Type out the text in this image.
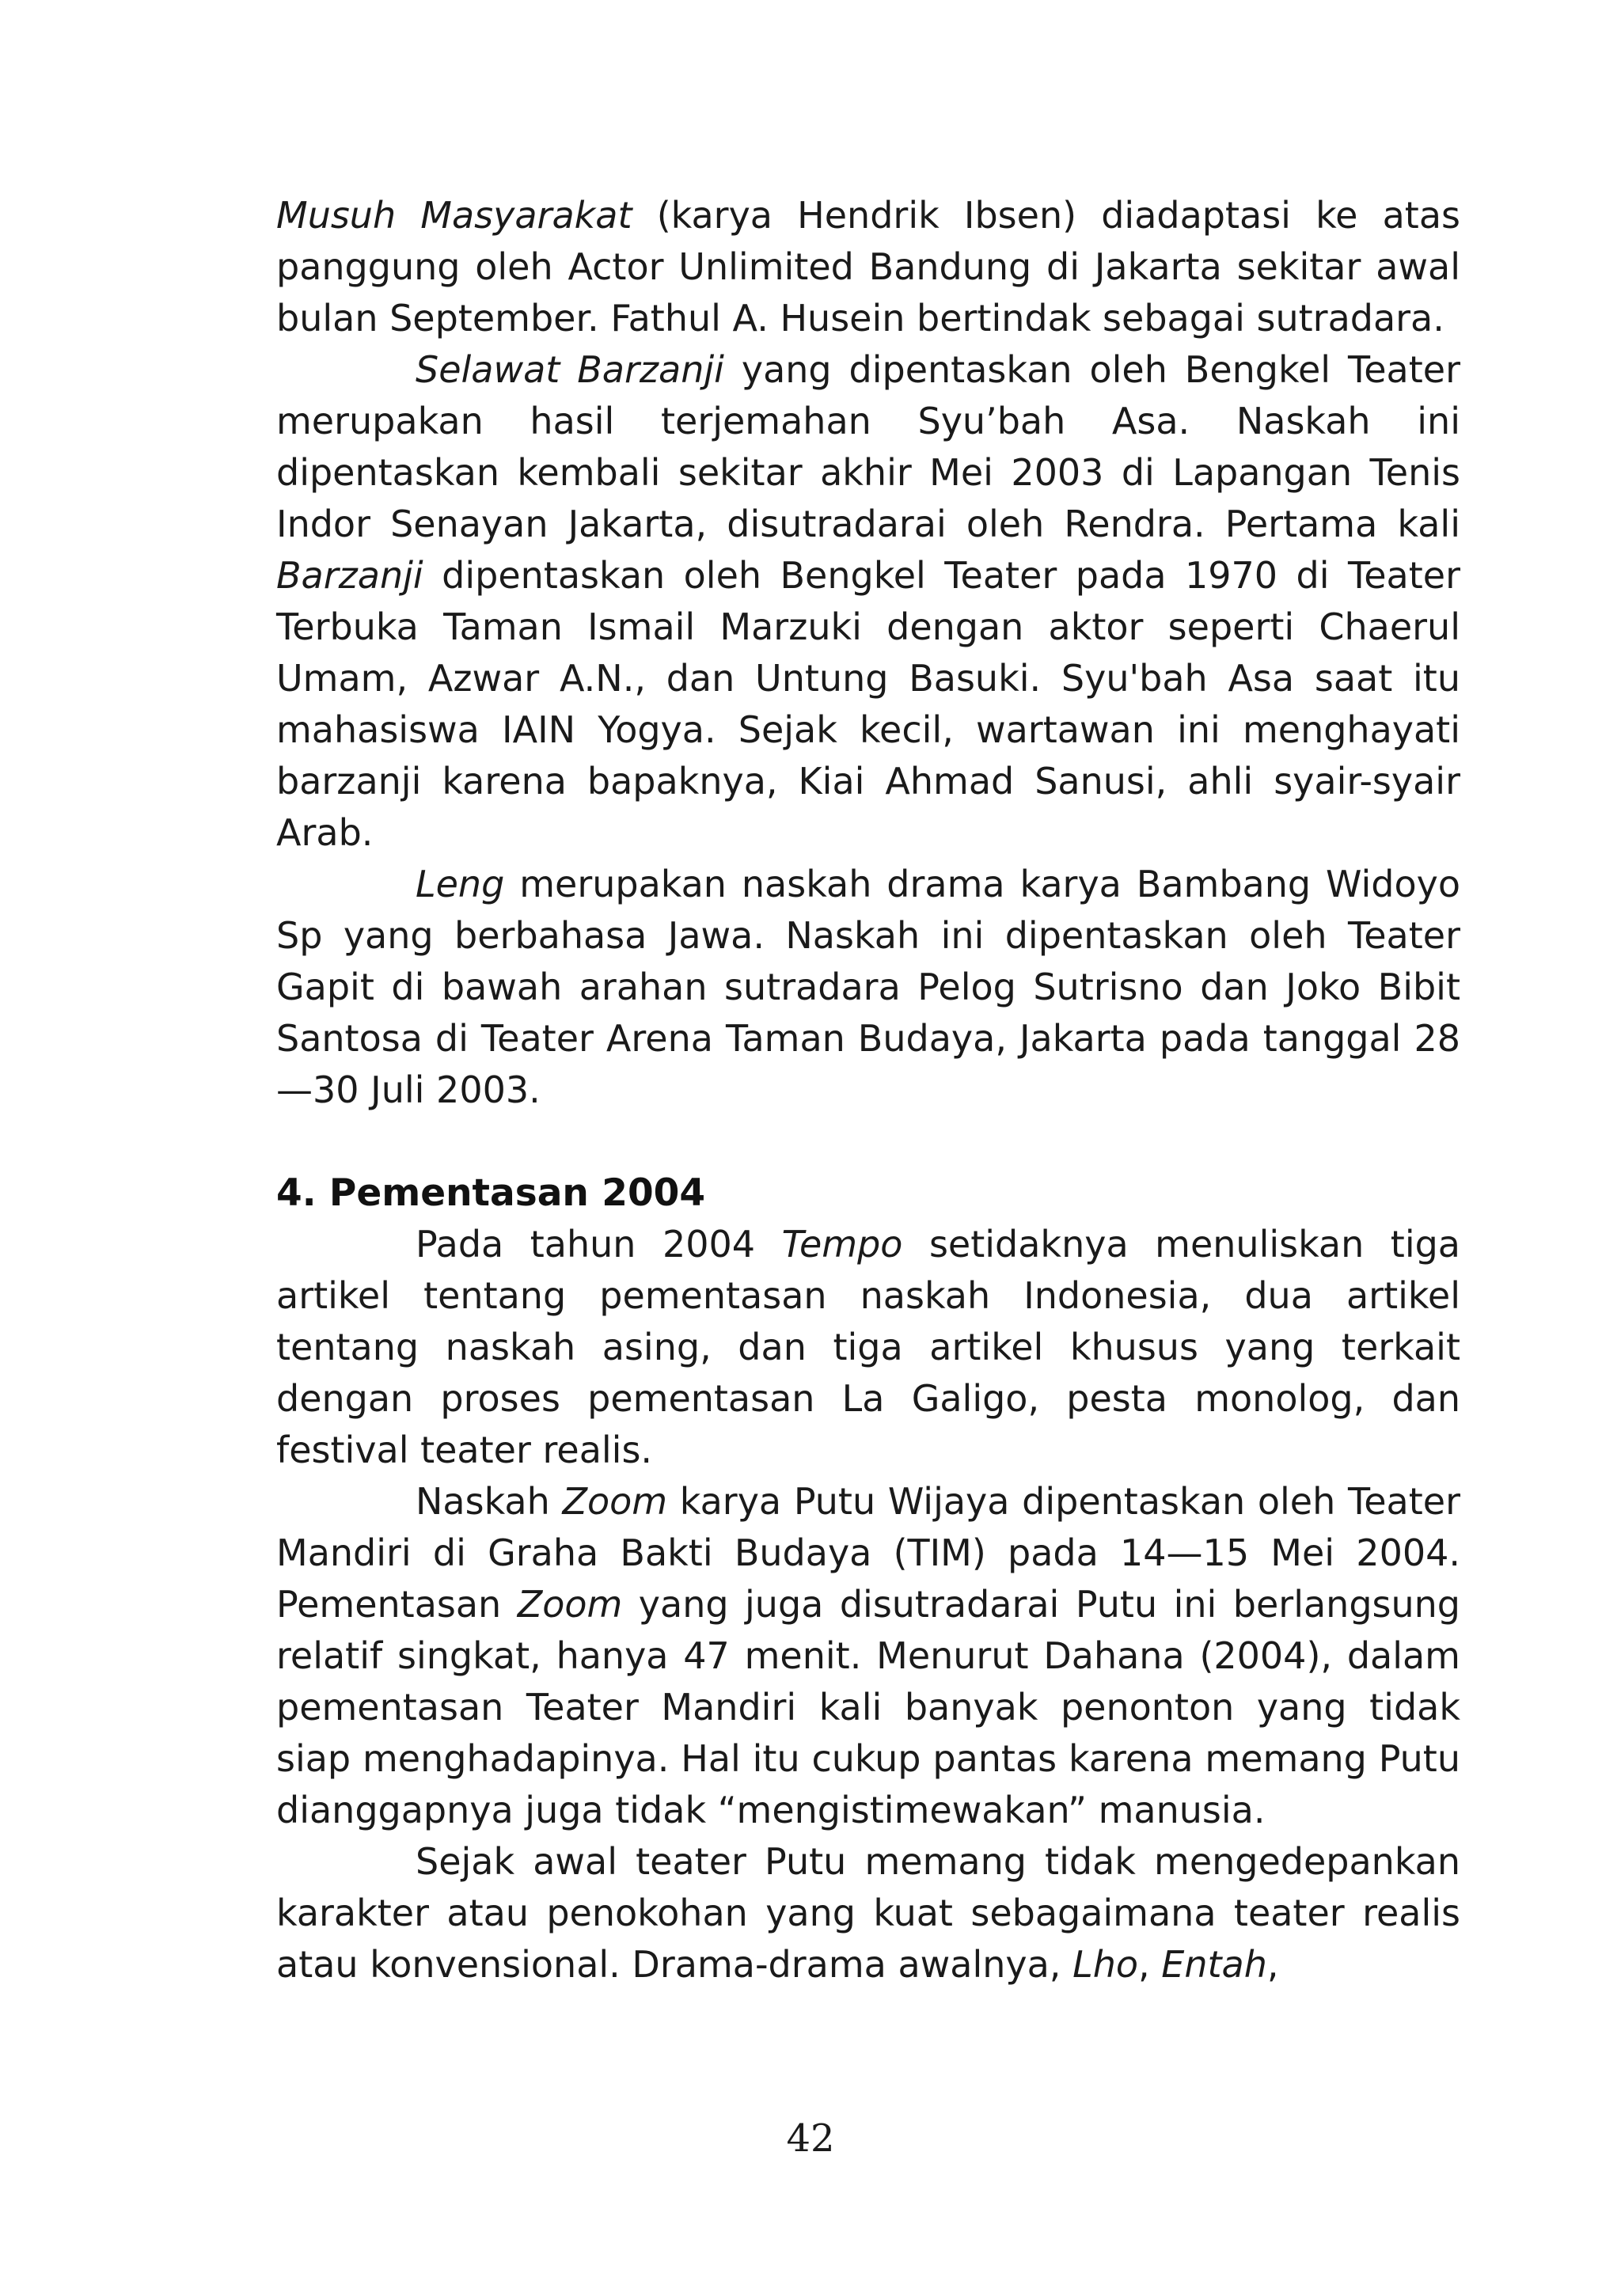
Musuh Masyarakat (karya Hendrik Ibsen) diadaptasi ke atas panggung oleh Actor Unlimited Bandung di Jakarta sekitar awal bulan September. Fathul A. Husein bertindak sebagai sutradara.

Selawat Barzanji yang dipentaskan oleh Bengkel Teater merupakan hasil terjemahan Syu’bah Asa. Naskah ini dipentaskan kembali sekitar akhir Mei 2003 di Lapangan Tenis Indor Senayan Jakarta, disutradarai oleh Rendra. Pertama kali Barzanji dipentaskan oleh Bengkel Teater pada 1970 di Teater Terbuka Taman Ismail Marzuki dengan aktor seperti Chaerul Umam, Azwar A.N., dan Untung Basuki. Syu'bah Asa saat itu mahasiswa IAIN Yogya. Sejak kecil, wartawan ini menghayati barzanji karena bapaknya, Kiai Ahmad Sanusi, ahli syair-syair Arab.

Leng merupakan naskah drama karya Bambang Widoyo Sp yang berbahasa Jawa. Naskah ini dipentaskan oleh Teater Gapit di bawah arahan sutradara Pelog Sutrisno dan Joko Bibit Santosa di Teater Arena Taman Budaya, Jakarta pada tanggal 28—30 Juli 2003.

4. Pementasan 2004

Pada tahun 2004 Tempo setidaknya menuliskan tiga artikel tentang pementasan naskah Indonesia, dua artikel tentang naskah asing, dan tiga artikel khusus yang terkait dengan proses pementasan La Galigo, pesta monolog, dan festival teater realis.

Naskah Zoom karya Putu Wijaya dipentaskan oleh Teater Mandiri di Graha Bakti Budaya (TIM) pada 14—15 Mei 2004. Pementasan Zoom yang juga disutradarai Putu ini berlangsung relatif singkat, hanya 47 menit. Menurut Dahana (2004), dalam pementasan Teater Mandiri kali banyak penonton yang tidak siap menghadapinya. Hal itu cukup pantas karena memang Putu dianggapnya juga tidak “mengistimewakan” manusia.

Sejak awal teater Putu memang tidak mengedepankan karakter atau penokohan yang kuat sebagaimana teater realis atau konvensional. Drama-drama awalnya, Lho, Entah,

42
